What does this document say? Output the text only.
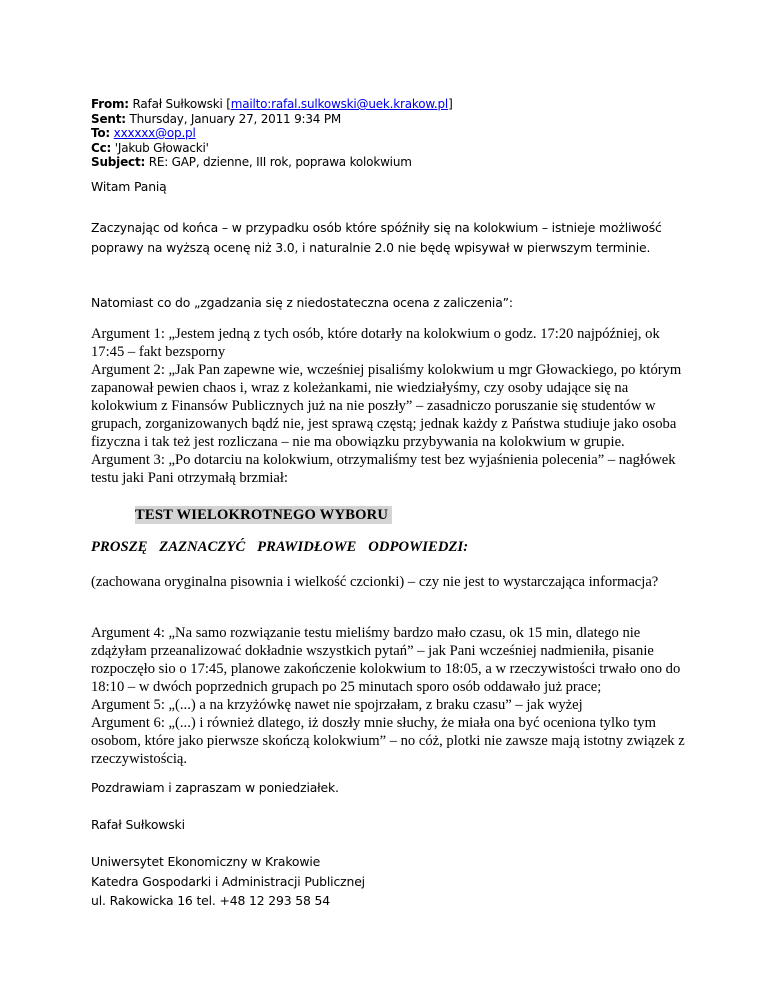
From: Rafał Sułkowski [mailto:rafal.sulkowski@uek.krakow.pl]
Sent: Thursday, January 27, 2011 9:34 PM
To: xxxxxx@op.pl
Cc: 'Jakub Głowacki'
Subject: RE: GAP, dzienne, III rok, poprawa kolokwium

Witam Panią

Zaczynając od końca – w przypadku osób które spóźniły się na kolokwium – istnieje możliwość poprawy na wyższą ocenę niż 3.0, i naturalnie 2.0 nie będę wpisywał w pierwszym terminie.

Natomiast co do „zgadzania się z niedostateczna ocena z zaliczenia”:

Argument 1: „Jestem jedną z tych osób, które dotarły na kolokwium o godz. 17:20 najpóźniej, ok 17:45 – fakt bezsporny
Argument 2: „Jak Pan zapewne wie, wcześniej pisaliśmy kolokwium u mgr Głowackiego, po którym zapanował pewien chaos i, wraz z koleżankami, nie wiedziałyśmy, czy osoby udające się na kolokwium z Finansów Publicznych już na nie poszły” – zasadniczo poruszanie się studentów w grupach, zorganizowanych bądź nie, jest sprawą częstą; jednak każdy z Państwa studiuje jako osoba fizyczna i tak też jest rozliczana – nie ma obowiązku przybywania na kolokwium w grupie.
Argument 3: „Po dotarciu na kolokwium, otrzymaliśmy test bez wyjaśnienia polecenia” – nagłówek testu jaki Pani otrzymałą brzmiał:

TEST WIELOKROTNEGO WYBORU
PROSZĘ ZAZNACZYĆ PRAWIDŁOWE ODPOWIEDZI:

(zachowana oryginalna pisownia i wielkość czcionki) – czy nie jest to wystarczająca informacja?

Argument 4: „Na samo rozwiązanie testu mieliśmy bardzo mało czasu, ok 15 min, dlatego nie zdążyłam przeanalizować dokładnie wszystkich pytań” – jak Pani wcześniej nadmieniła, pisanie rozpoczęło sio o 17:45, planowe zakończenie kolokwium to 18:05, a w rzeczywistości trwało ono do 18:10 – w dwóch poprzednich grupach po 25 minutach sporo osób oddawało już prace;
Argument 5: „(...) a na krzyżówkę nawet nie spojrzałam, z braku czasu” – jak wyżej
Argument 6: „(...) i również dlatego, iż doszły mnie słuchy, że miała ona być oceniona tylko tym osobom, które jako pierwsze skończą kolokwium” – no cóż, plotki nie zawsze mają istotny związek z rzeczywistością.

Pozdrawiam i zapraszam w poniedziałek.

Rafał Sułkowski

Uniwersytet Ekonomiczny w Krakowie
Katedra Gospodarki i Administracji Publicznej
ul. Rakowicka 16 tel. +48 12 293 58 54
